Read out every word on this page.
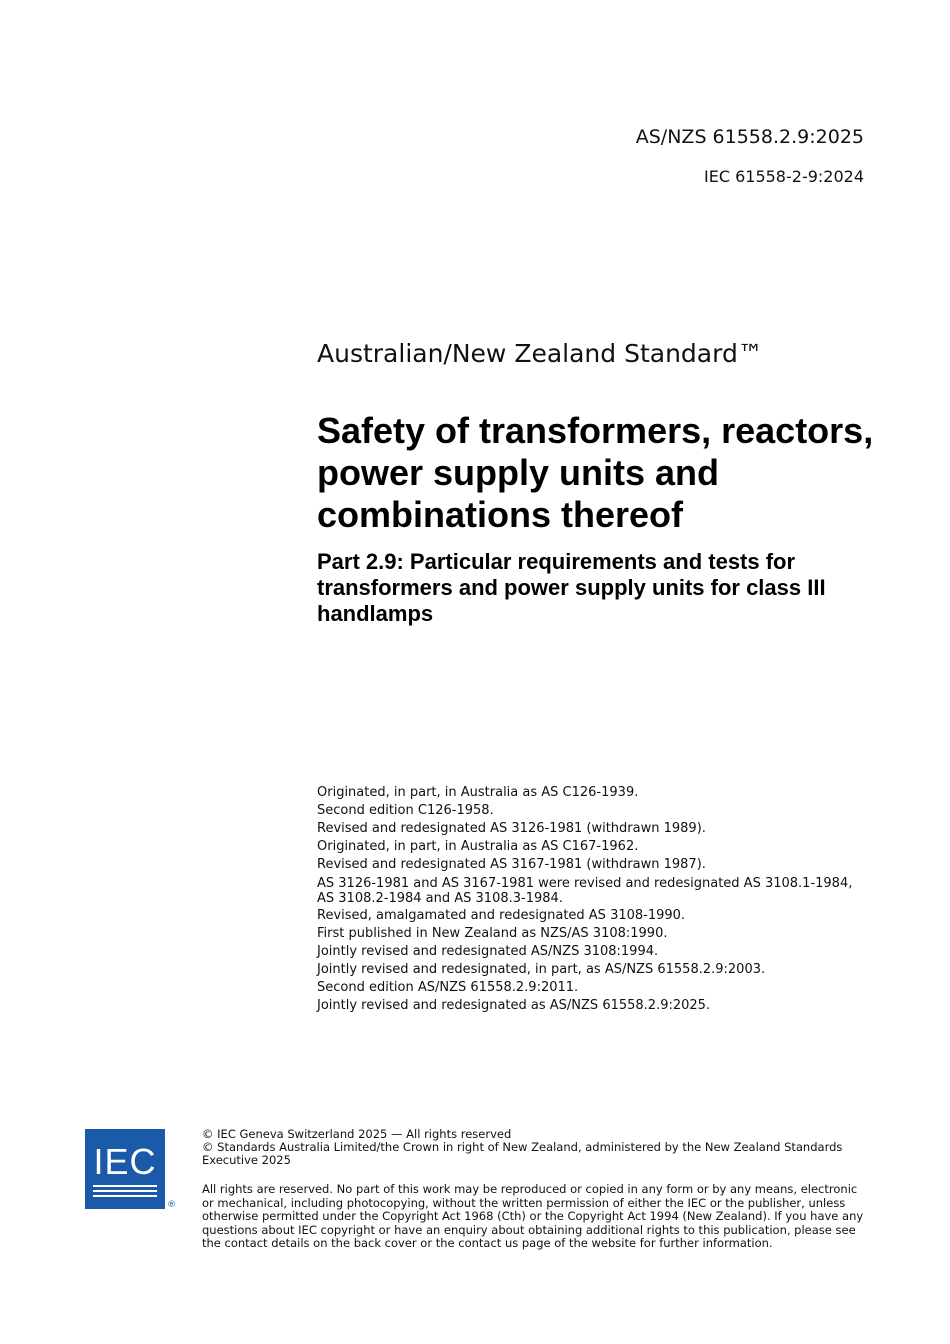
AS/NZS 61558.2.9:2025
IEC 61558-2-9:2024
Australian/New Zealand Standard™
Safety of transformers, reactors, power supply units and combinations thereof
Part 2.9: Particular requirements and tests for transformers and power supply units for class III handlamps
Originated, in part, in Australia as AS C126-1939.
Second edition C126-1958.
Revised and redesignated AS 3126-1981 (withdrawn 1989).
Originated, in part, in Australia as AS C167-1962.
Revised and redesignated AS 3167-1981 (withdrawn 1987).
AS 3126-1981 and AS 3167-1981 were revised and redesignated AS 3108.1-1984, AS 3108.2-1984 and AS 3108.3-1984.
Revised, amalgamated and redesignated AS 3108-1990.
First published in New Zealand as NZS/AS 3108:1990.
Jointly revised and redesignated AS/NZS 3108:1994.
Jointly revised and redesignated, in part, as AS/NZS 61558.2.9:2003.
Second edition AS/NZS 61558.2.9:2011.
Jointly revised and redesignated as AS/NZS 61558.2.9:2025.
IEC
®

© IEC Geneva Switzerland 2025 — All rights reserved

© Standards Australia Limited/the Crown in right of New Zealand, administered by the New Zealand Standards Executive 2025

All rights are reserved. No part of this work may be reproduced or copied in any form or by any means, electronic or mechanical, including photocopying, without the written permission of either the IEC or the publisher, unless otherwise permitted under the Copyright Act 1968 (Cth) or the Copyright Act 1994 (New Zealand). If you have any questions about IEC copyright or have an enquiry about obtaining additional rights to this publication, please see the contact details on the back cover or the contact us page of the website for further information.
